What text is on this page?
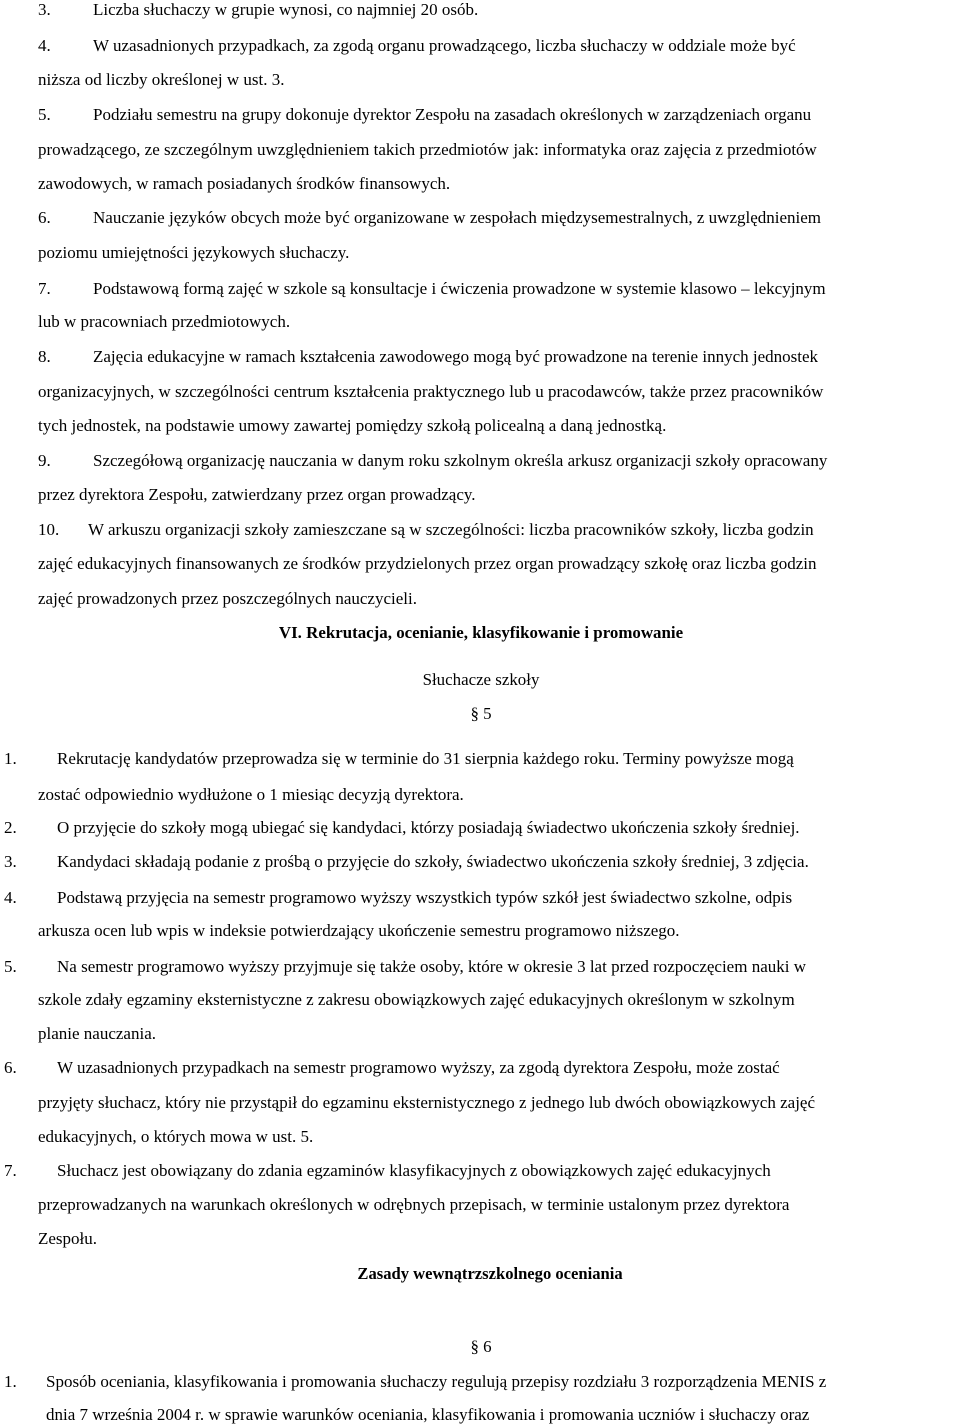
3. Liczba słuchaczy w grupie wynosi, co najmniej 20 osób.
4. W uzasadnionych przypadkach, za zgodą organu prowadzącego, liczba słuchaczy w oddziale może być
niższa od liczby określonej w ust. 3.
5. Podziału semestru na grupy dokonuje dyrektor Zespołu na zasadach określonych w zarządzeniach organu
prowadzącego, ze szczególnym uwzględnieniem takich przedmiotów jak: informatyka oraz zajęcia z przedmiotów
zawodowych, w ramach posiadanych środków finansowych.
6. Nauczanie języków obcych może być organizowane w zespołach międzysemestralnych, z uwzględnieniem
poziomu umiejętności językowych słuchaczy.
7. Podstawową formą zajęć w szkole są konsultacje i ćwiczenia prowadzone w systemie klasowo – lekcyjnym
lub w pracowniach przedmiotowych.
8. Zajęcia edukacyjne w ramach kształcenia zawodowego mogą być prowadzone na terenie innych jednostek
organizacyjnych, w szczególności centrum kształcenia praktycznego lub u pracodawców, także przez pracowników
tych jednostek, na podstawie umowy zawartej pomiędzy szkołą policealną a daną jednostką.
9. Szczegółową organizację nauczania w danym roku szkolnym określa arkusz organizacji szkoły opracowany
przez dyrektora Zespołu, zatwierdzany przez organ prowadzący.
10. W arkuszu organizacji szkoły zamieszczane są w szczególności: liczba pracowników szkoły, liczba godzin
zajęć edukacyjnych finansowanych ze środków przydzielonych przez organ prowadzący szkołę oraz liczba godzin
zajęć prowadzonych przez poszczególnych nauczycieli.
VI. Rekrutacja, ocenianie, klasyfikowanie i promowanie
Słuchacze szkoły
§ 5
1. Rekrutację kandydatów przeprowadza się w terminie do 31 sierpnia każdego roku. Terminy powyższe mogą
zostać odpowiednio wydłużone o 1 miesiąc decyzją dyrektora.
2. O przyjęcie do szkoły mogą ubiegać się kandydaci, którzy posiadają świadectwo ukończenia szkoły średniej.
3. Kandydaci składają podanie z prośbą o przyjęcie do szkoły, świadectwo ukończenia szkoły średniej, 3 zdjęcia.
4. Podstawą przyjęcia na semestr programowo wyższy wszystkich typów szkół jest świadectwo szkolne, odpis
arkusza ocen lub wpis w indeksie potwierdzający ukończenie semestru programowo niższego.
5. Na semestr programowo wyższy przyjmuje się także osoby, które w okresie 3 lat przed rozpoczęciem nauki w
szkole zdały egzaminy eksternistyczne z zakresu obowiązkowych zajęć edukacyjnych określonym w szkolnym
planie nauczania.
6. W uzasadnionych przypadkach na semestr programowo wyższy, za zgodą dyrektora Zespołu, może zostać
przyjęty słuchacz, który nie przystąpił do egzaminu eksternistycznego z jednego lub dwóch obowiązkowych zajęć
edukacyjnych, o których mowa w ust. 5.
7. Słuchacz jest obowiązany do zdania egzaminów klasyfikacyjnych z obowiązkowych zajęć edukacyjnych
przeprowadzanych na warunkach określonych w odrębnych przepisach, w terminie ustalonym przez dyrektora
Zespołu.
Zasady wewnątrzszkolnego oceniania
§ 6
1. Sposób oceniania, klasyfikowania i promowania słuchaczy regulują przepisy rozdziału 3 rozporządzenia MENIS z
dnia 7 września 2004 r. w sprawie warunków oceniania, klasyfikowania i promowania uczniów i słuchaczy oraz
